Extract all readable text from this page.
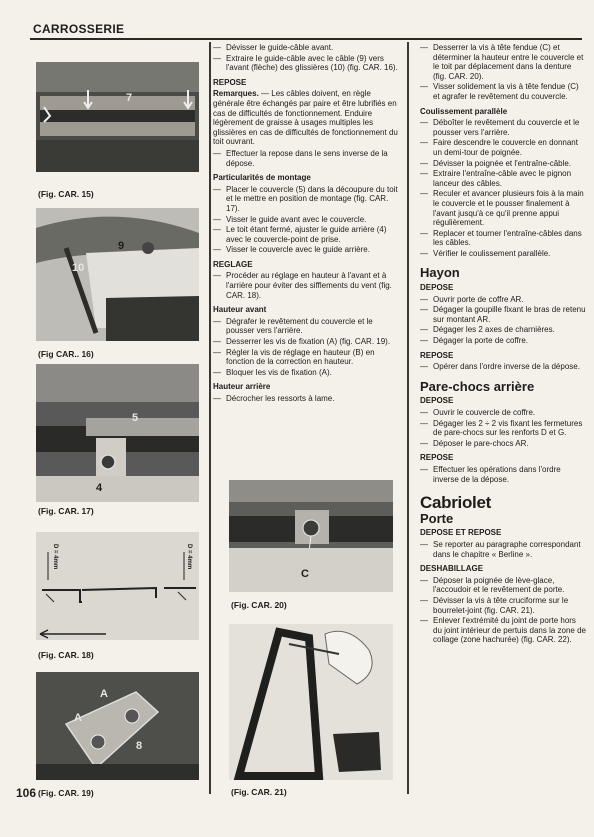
CARROSSERIE
7
(Fig. CAR. 15)
10
9
(Fig CAR.. 16)
5
4
(Fig. CAR. 17)
D = 4mm	D = 4mm
(Fig. CAR. 18)
A
A
8
(Fig. CAR. 19)
106
— Dévisser le guide-câble avant.
— Extraire le guide-câble avec le câble (9) vers l'avant (flèche) des glissières (10) (fig. CAR. 16).
REPOSE

Remarques. — Les câbles doivent, en règle générale être échangés par paire et être lubrifiés en cas de difficultés de fonctionnement. Enduire légèrement de graisse à usages multiples les glissières en cas de difficultés de fonctionnement du toit ouvrant.

— Effectuer la repose dans le sens inverse de la dépose.
Particularités de montage
— Placer le couvercle (5) dans la découpure du toit et le mettre en position de montage (fig. CAR. 17).
— Visser le guide avant avec le couvercle.
— Le toit étant fermé, ajuster le guide arrière (4) avec le couvercle-point de prise.
— Visser le couvercle avec le guide arrière.
REGLAGE
— Procéder au réglage en hauteur à l'avant et à l'arrière pour éviter des sifflements du vent (fig. CAR. 18).
Hauteur avant
— Dégrafer le revêtement du couvercle et le pousser vers l'arrière.
— Desserrer les vis de fixation (A) (fig. CAR. 19).
— Régler la vis de réglage en hauteur (B) en fonction de la correction en hauteur.
— Bloquer les vis de fixation (A).
Hauteur arrière
— Décrocher les ressorts à lame.
C
(Fig. CAR. 20)
(Fig. CAR. 21)
— Desserrer la vis à tête fendue (C) et déterminer la hauteur entre le couvercle et le toit par déplacement dans la denture (fig. CAR. 20).
— Visser solidement la vis à tête fendue (C) et agrafer le revêtement du couvercle.
Coulissement parallèle
— Déboîter le revêtement du couvercle et le pousser vers l'arrière.
— Faire descendre le couvercle en donnant un demi-tour de poignée.
— Dévisser la poignée et l'entraîne-câble.
— Extraire l'entraîne-câble avec le pignon lanceur des câbles.
— Reculer et avancer plusieurs fois à la main le couvercle et le pousser finalement à l'avant jusqu'à ce qu'il prenne appui régulièrement.
— Replacer et tourner l'entraîne-câbles dans les câbles.
— Vérifier le coulissement parallèle.
Hayon
DEPOSE
— Ouvrir porte de coffre AR.
— Dégager la goupille fixant le bras de retenu sur montant AR.
— Dégager les 2 axes de charnières.
— Dégager la porte de coffre.
REPOSE
— Opérer dans l'ordre inverse de la dépose.
Pare-chocs arrière
DEPOSE
— Ouvrir le couvercle de coffre.
— Dégager les 2 ÷ 2 vis fixant les fermetures de pare-chocs sur les renforts D et G.
— Déposer le pare-chocs AR.
REPOSE
— Effectuer les opérations dans l'ordre inverse de la dépose.
Cabriolet
Porte
DEPOSE ET REPOSE
— Se reporter au paragraphe correspondant dans le chapitre « Berline ».
DESHABILLAGE
— Déposer la poignée de lève-glace, l'accoudoir et le revêtement de porte.
— Dévisser la vis à tête cruciforme sur le bourrelet-joint (fig. CAR. 21).
— Enlever l'extrémité du joint de porte hors du joint intérieur de pertuis dans la zone de collage (zone hachurée) (fig. CAR. 22).
